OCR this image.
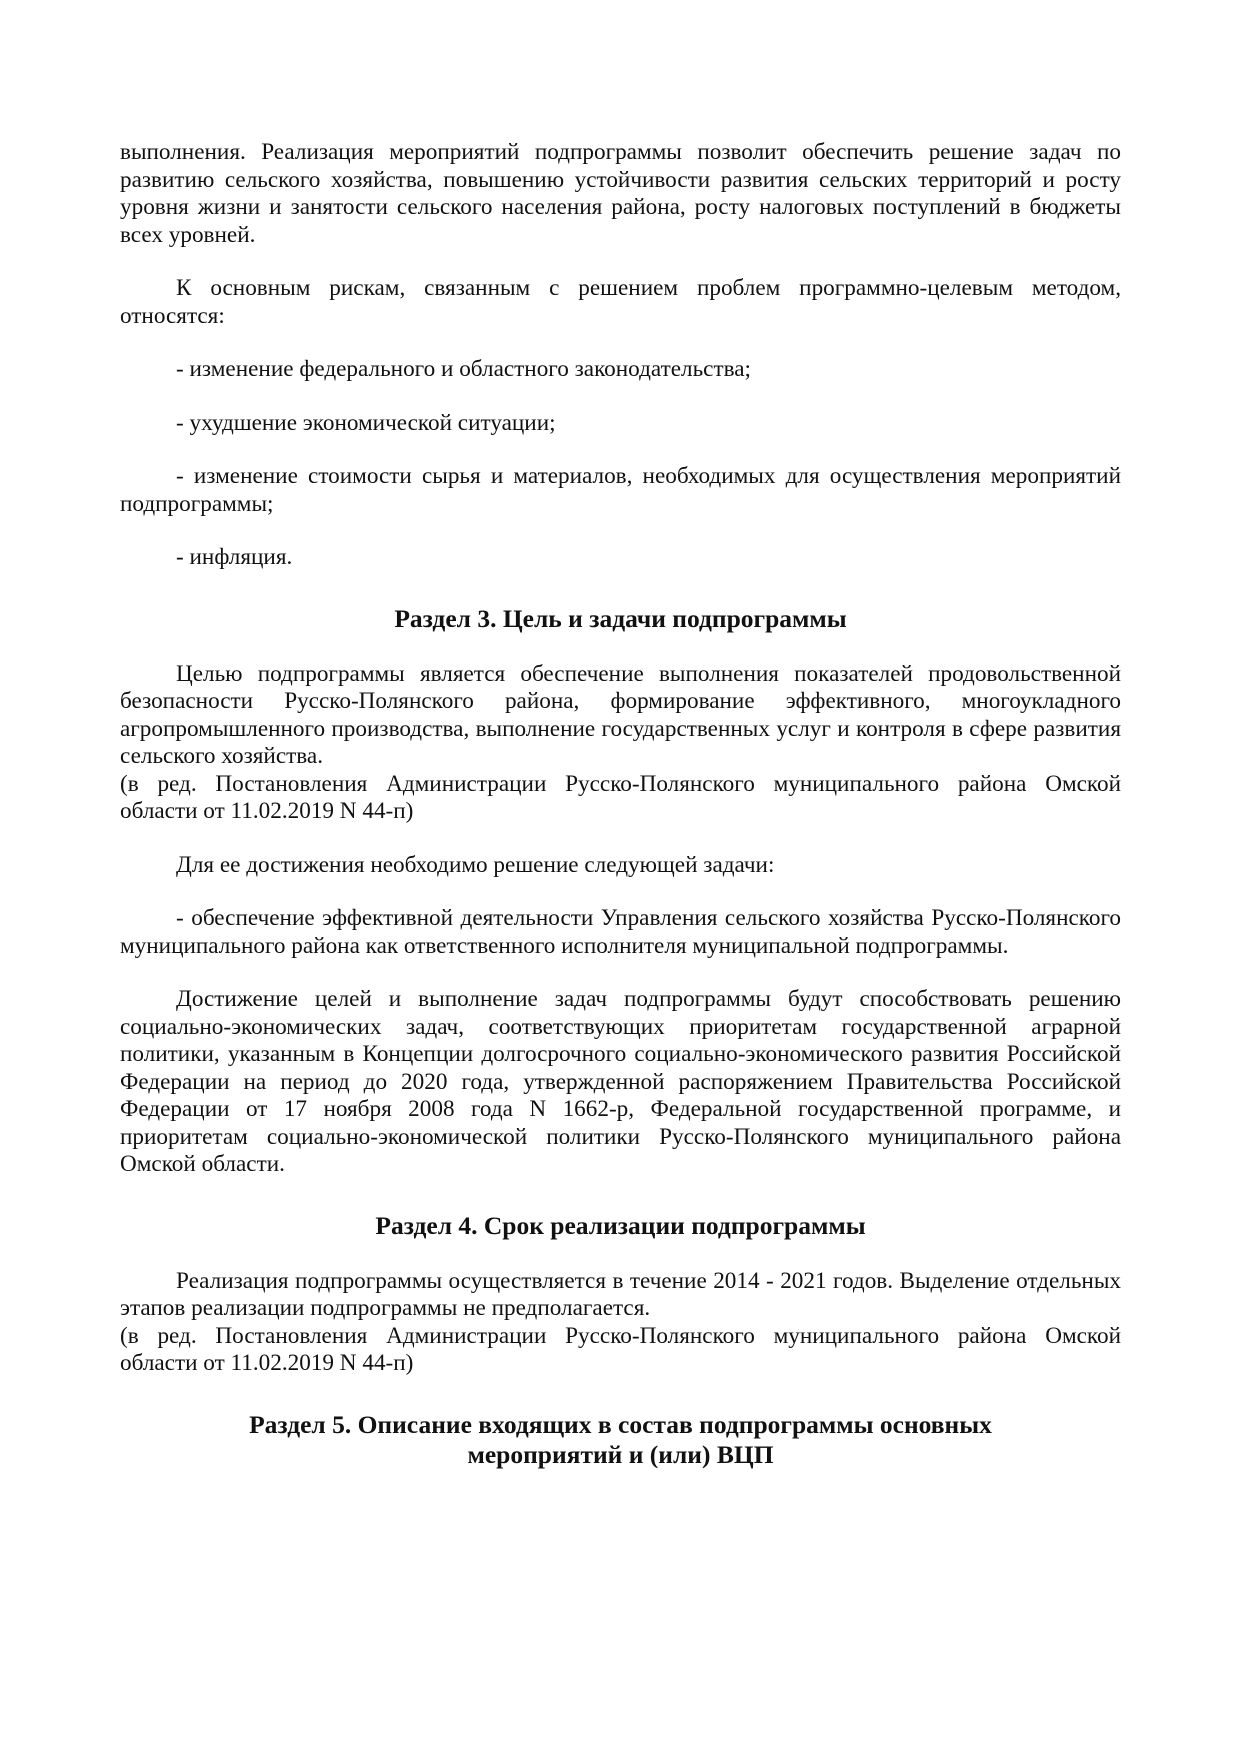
выполнения. Реализация мероприятий подпрограммы позволит обеспечить решение задач по развитию сельского хозяйства, повышению устойчивости развития сельских территорий и росту уровня жизни и занятости сельского населения района, росту налоговых поступлений в бюджеты всех уровней.

К основным рискам, связанным с решением проблем программно-целевым методом, относятся:

- изменение федерального и областного законодательства;

- ухудшение экономической ситуации;

- изменение стоимости сырья и материалов, необходимых для осуществления мероприятий подпрограммы;

- инфляция.

Раздел 3. Цель и задачи подпрограммы

Целью подпрограммы является обеспечение выполнения показателей продовольственной безопасности Русско-Полянского района, формирование эффективного, многоукладного агропромышленного производства, выполнение государственных услуг и контроля в сфере развития сельского хозяйства.

(в ред. Постановления Администрации Русско-Полянского муниципального района Омской

области от 11.02.2019 N 44-п)

Для ее достижения необходимо решение следующей задачи:

- обеспечение эффективной деятельности Управления сельского хозяйства Русско-Полянского муниципального района как ответственного исполнителя муниципальной подпрограммы.

Достижение целей и выполнение задач подпрограммы будут способствовать решению социально-экономических задач, соответствующих приоритетам государственной аграрной политики, указанным в Концепции долгосрочного социально-экономического развития Российской Федерации на период до 2020 года, утвержденной распоряжением Правительства Российской Федерации от 17 ноября 2008 года N 1662-р, Федеральной государственной программе, и приоритетам социально-экономической политики Русско-Полянского муниципального района Омской области.

Раздел 4. Срок реализации подпрограммы

Реализация подпрограммы осуществляется в течение 2014 - 2021 годов. Выделение отдельных этапов реализации подпрограммы не предполагается.

(в ред. Постановления Администрации Русско-Полянского муниципального района Омской

области от 11.02.2019 N 44-п)

Раздел 5. Описание входящих в состав подпрограммы основных
мероприятий и (или) ВЦП
